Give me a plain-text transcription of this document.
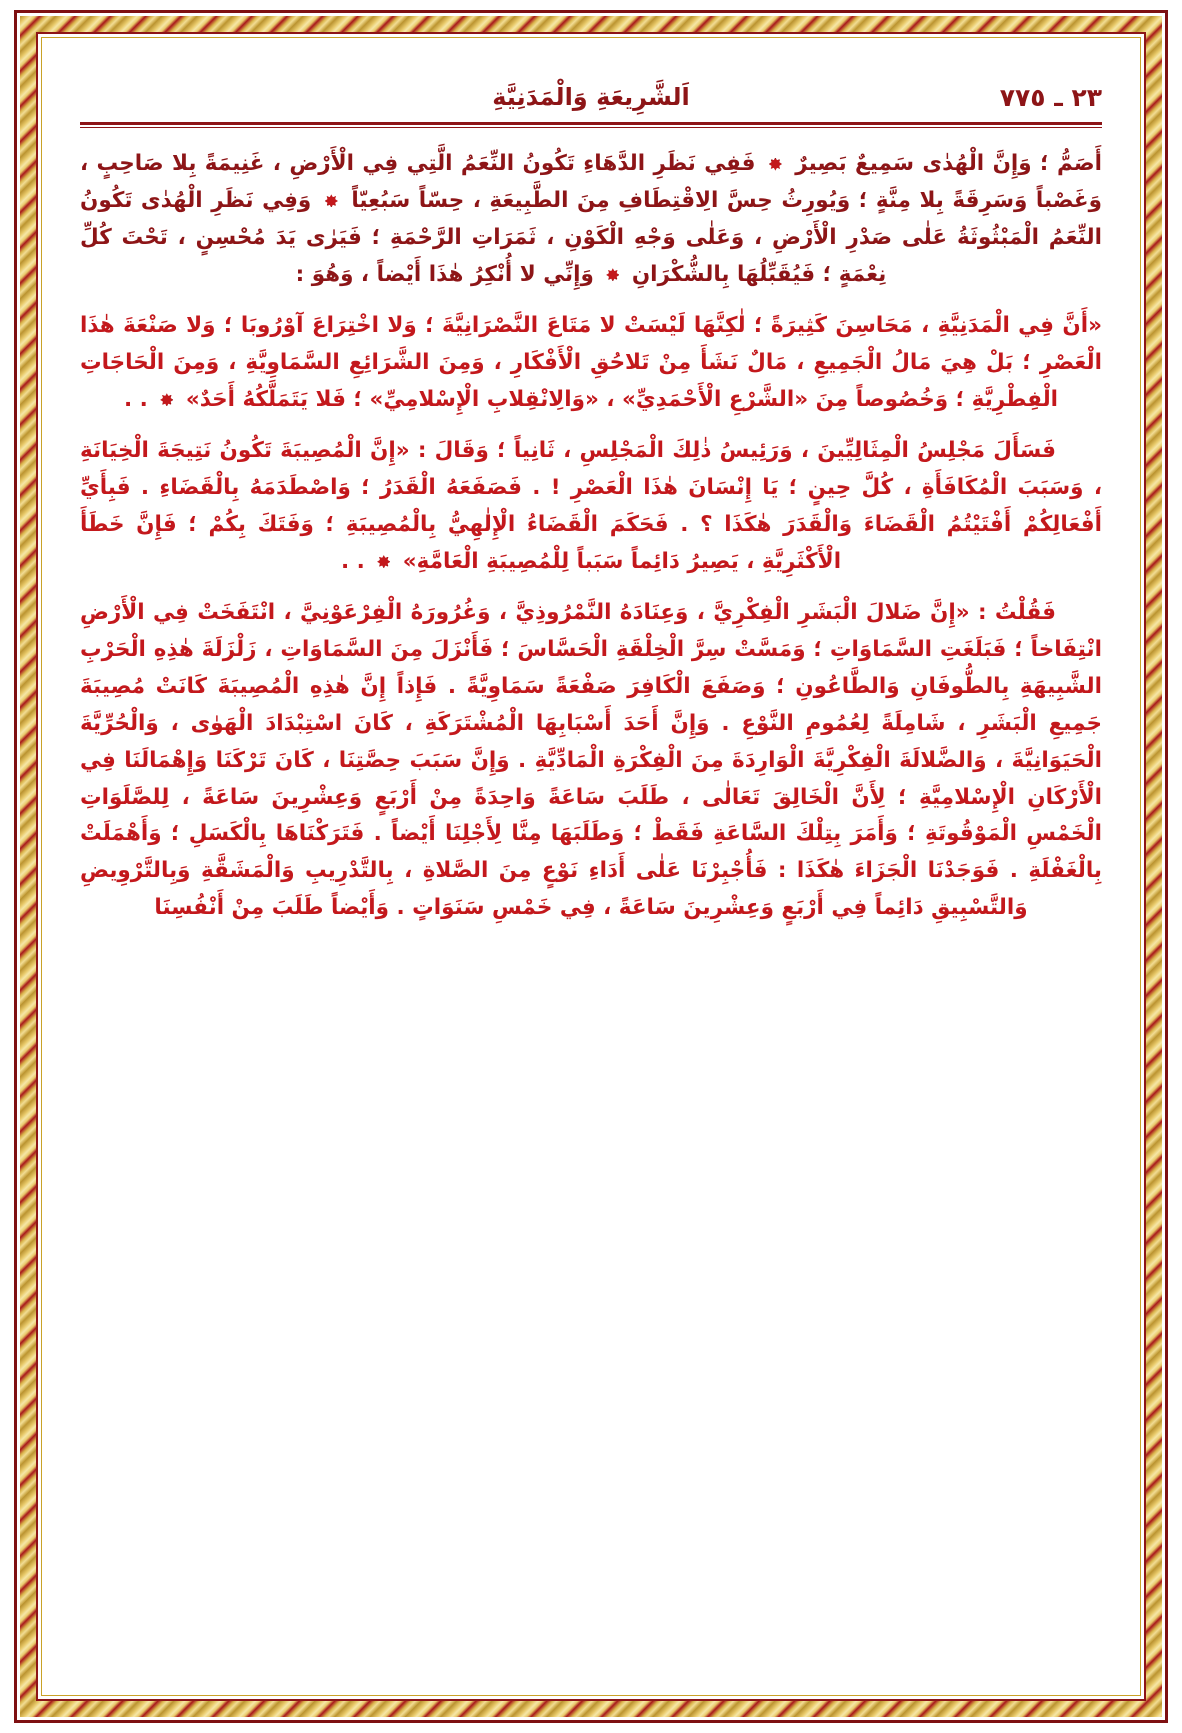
٢٣ ـ ٧٧٥
اَلشَّرِيعَةِ وَالْمَدَنِيَّةِ

أَصَمُّ ؛ وَإِنَّ الْهُدٰى سَمِيعٌ بَصِيرٌ  فَفِي نَظَرِ الدَّهَاءِ تَكُونُ النِّعَمُ الَّتِي فِي الْأَرْضِ ، غَنِيمَةً بِلا صَاحِبٍ ، وَغَصْباً وَسَرِقَةً بِلا مِنَّةٍ ؛ وَيُورِثُ حِسَّ الِاقْتِطَافِ مِنَ الطَّبِيعَةِ ، حِسّاً سَبُعِيّاً  وَفِي نَظَرِ الْهُدٰى تَكُونُ النِّعَمُ الْمَبْثُوثَةُ عَلٰى صَدْرِ الْأَرْضِ ، وَعَلٰى وَجْهِ الْكَوْنِ ، ثَمَرَاتِ الرَّحْمَةِ ؛ فَيَرٰى يَدَ مُحْسِنٍ ، تَحْتَ كُلِّ نِعْمَةٍ ؛ فَيُقَبِّلُهَا بِالشُّكْرَانِ  وَإِنِّي لا أُنْكِرُ هٰذَا أَيْضاً ، وَهُوَ :

«أَنَّ فِي الْمَدَنِيَّةِ ، مَحَاسِنَ كَثِيرَةً ؛ لٰكِنَّهَا لَيْسَتْ لا مَتَاعَ النَّصْرَانِيَّةَ ؛ وَلا اخْتِرَاعَ آوْرُوبَا ؛ وَلا صَنْعَةَ هٰذَا الْعَصْرِ ؛ بَلْ هِيَ مَالُ الْجَمِيعِ ، مَالٌ نَشَأَ مِنْ تَلاحُقِ الْأَفْكَارِ ، وَمِنَ الشَّرَائِعِ السَّمَاوِيَّةِ ، وَمِنَ الْحَاجَاتِ الْفِطْرِيَّةِ ؛ وَخُصُوصاً مِنَ «الشَّرْعِ الْأَحْمَدِيِّ» ، «وَالِانْقِلابِ الْإِسْلامِيِّ» ؛ فَلا يَتَمَلَّكُهُ أَحَدٌ»  . .

فَسَأَلَ مَجْلِسُ الْمِثَالِيِّينَ ، وَرَئِيسُ ذٰلِكَ الْمَجْلِسِ ، ثَانِياً ؛ وَقَالَ : «إِنَّ الْمُصِيبَةَ تَكُونُ نَتِيجَةَ الْخِيَانَةِ ، وَسَبَبَ الْمُكَافَأَةِ ، كُلَّ حِينٍ ؛ يَا إِنْسَانَ هٰذَا الْعَصْرِ ! . فَصَفَعَهُ الْقَدَرُ ؛ وَاصْطَدَمَهُ بِالْقَضَاءِ . فَبِأَيِّ أَفْعَالِكُمْ أَفْتَيْتُمُ الْقَضَاءَ وَالْقَدَرَ هٰكَذَا ؟ . فَحَكَمَ الْقَضَاءُ الْإِلٰهِيُّ بِالْمُصِيبَةِ ؛ وَفَتَكَ بِكُمْ ؛ فَإِنَّ خَطَأَ الْأَكْثَرِيَّةِ ، يَصِيرُ دَائِماً سَبَباً لِلْمُصِيبَةِ الْعَامَّةِ»  . .

فَقُلْتُ : «إِنَّ ضَلالَ الْبَشَرِ الْفِكْرِيَّ ، وَعِنَادَهُ النَّمْرُوذِيَّ ، وَغُرُورَهُ الْفِرْعَوْنِيَّ ، انْتَفَخَتْ فِي الْأَرْضِ انْتِفَاخاً ؛ فَبَلَغَتِ السَّمَاوَاتِ ؛ وَمَسَّتْ سِرَّ الْخِلْقَةِ الْحَسَّاسَ ؛ فَأَنْزَلَ مِنَ السَّمَاوَاتِ ، زَلْزَلَةَ هٰذِهِ الْحَرْبِ الشَّبِيهَةِ بِالطُّوفَانِ وَالطَّاعُونِ ؛ وَصَفَعَ الْكَافِرَ صَفْعَةً سَمَاوِيَّةً . فَإِذاً إِنَّ هٰذِهِ الْمُصِيبَةَ كَانَتْ مُصِيبَةَ جَمِيعِ الْبَشَرِ ، شَامِلَةً لِعُمُومِ النَّوْعِ . وَإِنَّ أَحَدَ أَسْبَابِهَا الْمُشْتَرَكَةِ ، كَانَ اسْتِبْدَادَ الْهَوٰى ، وَالْحُرِّيَّةَ الْحَيَوَانِيَّةَ ، وَالضَّلالَةَ الْفِكْرِيَّةَ الْوَارِدَةَ مِنَ الْفِكْرَةِ الْمَادِّيَّةِ . وَإِنَّ سَبَبَ حِصَّتِنَا ، كَانَ تَرْكَنَا وَإِهْمَالَنَا فِي الْأَرْكَانِ الْإِسْلامِيَّةِ ؛ لِأَنَّ الْخَالِقَ تَعَالٰى ، طَلَبَ سَاعَةً وَاحِدَةً مِنْ أَرْبَعٍ وَعِشْرِينَ سَاعَةً ، لِلصَّلَوَاتِ الْخَمْسِ الْمَوْقُوتَةِ ؛ وَأَمَرَ بِتِلْكَ السَّاعَةِ فَقَطْ ؛ وَطَلَبَهَا مِنَّا لِأَجْلِنَا أَيْضاً . فَتَرَكْنَاهَا بِالْكَسَلِ ؛ وَأَهْمَلَتْ بِالْغَفْلَةِ . فَوَجَدْنَا الْجَزَاءَ هٰكَذَا : فَأُجْبِرْنَا عَلٰى أَدَاءِ نَوْعٍ مِنَ الصَّلاةِ ، بِالتَّدْرِيبِ وَالْمَشَقَّةِ وَبِالتَّرْوِيضِ وَالتَّسْبِيقِ دَائِماً فِي أَرْبَعٍ وَعِشْرِينَ سَاعَةً ، فِي خَمْسِ سَنَوَاتٍ . وَأَيْضاً طَلَبَ مِنْ أَنْفُسِنَا
